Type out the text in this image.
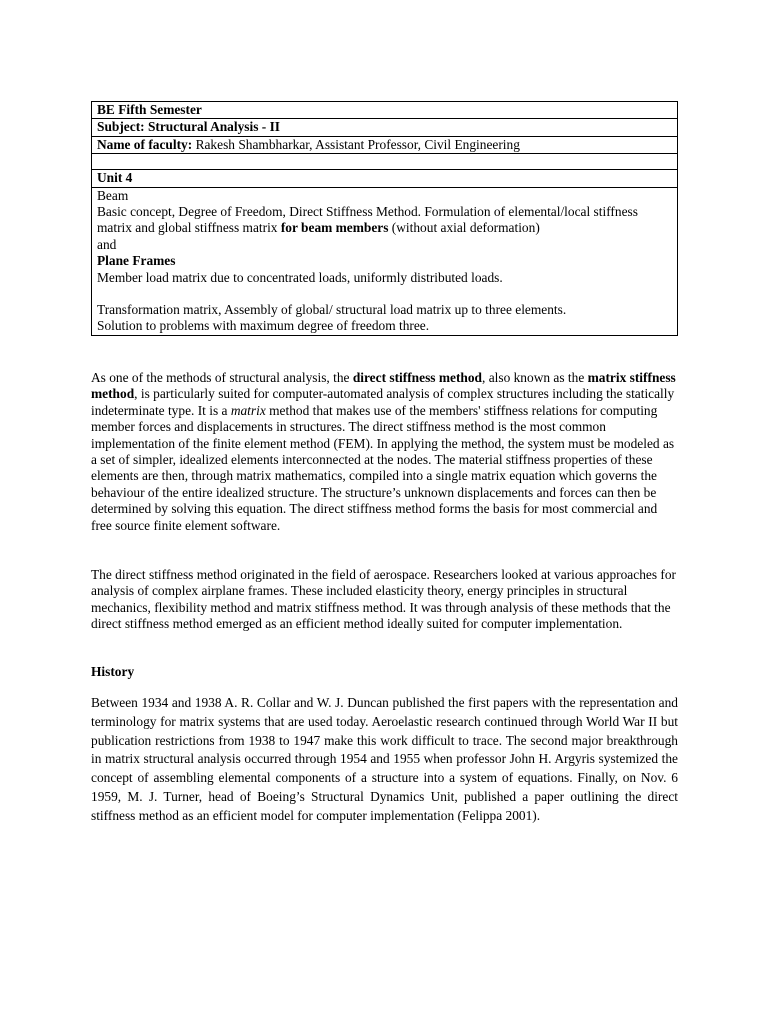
BE Fifth Semester
Subject: Structural Analysis - II
Name of faculty: Rakesh Shambharkar, Assistant Professor, Civil Engineering

Unit 4

Beam
Basic concept, Degree of Freedom, Direct Stiffness Method. Formulation of elemental/local stiffness matrix and global stiffness matrix for beam members (without axial deformation)
and
Plane Frames
Member load matrix due to concentrated loads, uniformly distributed loads.
Transformation matrix, Assembly of global/ structural load matrix up to three elements.
Solution to problems with maximum degree of freedom three.

As one of the methods of structural analysis, the direct stiffness method, also known as the matrix stiffness method, is particularly suited for computer-automated analysis of complex structures including the statically indeterminate type. It is a matrix method that makes use of the members' stiffness relations for computing member forces and displacements in structures. The direct stiffness method is the most common implementation of the finite element method (FEM). In applying the method, the system must be modeled as a set of simpler, idealized elements interconnected at the nodes. The material stiffness properties of these elements are then, through matrix mathematics, compiled into a single matrix equation which governs the behaviour of the entire idealized structure. The structure’s unknown displacements and forces can then be determined by solving this equation. The direct stiffness method forms the basis for most commercial and free source finite element software.

The direct stiffness method originated in the field of aerospace. Researchers looked at various approaches for analysis of complex airplane frames. These included elasticity theory, energy principles in structural mechanics, flexibility method and matrix stiffness method. It was through analysis of these methods that the direct stiffness method emerged as an efficient method ideally suited for computer implementation.

History

Between 1934 and 1938 A. R. Collar and W. J. Duncan published the first papers with the representation and terminology for matrix systems that are used today. Aeroelastic research continued through World War II but publication restrictions from 1938 to 1947 make this work difficult to trace. The second major breakthrough in matrix structural analysis occurred through 1954 and 1955 when professor John H. Argyris systemized the concept of assembling elemental components of a structure into a system of equations. Finally, on Nov. 6 1959, M. J. Turner, head of Boeing’s Structural Dynamics Unit, published a paper outlining the direct stiffness method as an efficient model for computer implementation (Felippa 2001).
